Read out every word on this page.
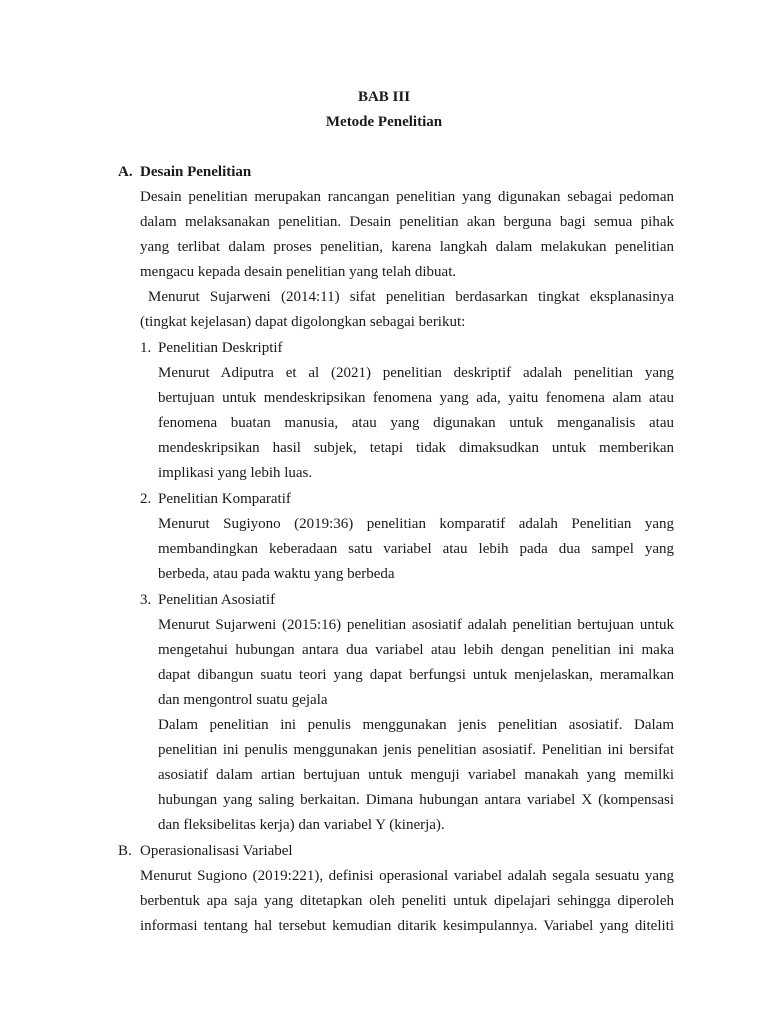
BAB III
Metode Penelitian
A. Desain Penelitian
Desain penelitian merupakan rancangan penelitian yang digunakan sebagai pedoman
dalam melaksanakan penelitian. Desain penelitian akan berguna bagi semua pihak
yang terlibat dalam proses penelitian, karena langkah dalam melakukan penelitian
mengacu kepada desain penelitian yang telah dibuat.
Menurut Sujarweni (2014:11) sifat penelitian berdasarkan tingkat eksplanasinya
(tingkat kejelasan) dapat digolongkan sebagai berikut:
1. Penelitian Deskriptif
Menurut Adiputra et al (2021) penelitian deskriptif adalah penelitian yang
bertujuan untuk mendeskripsikan fenomena yang ada, yaitu fenomena alam atau
fenomena buatan manusia, atau yang digunakan untuk menganalisis atau
mendeskripsikan hasil subjek, tetapi tidak dimaksudkan untuk memberikan
implikasi yang lebih luas.
2. Penelitian Komparatif
Menurut Sugiyono (2019:36) penelitian komparatif adalah Penelitian yang
membandingkan keberadaan satu variabel atau lebih pada dua sampel yang
berbeda, atau pada waktu yang berbeda
3. Penelitian Asosiatif
Menurut Sujarweni (2015:16) penelitian asosiatif adalah penelitian bertujuan untuk
mengetahui hubungan antara dua variabel atau lebih dengan penelitian ini maka
dapat dibangun suatu teori yang dapat berfungsi untuk menjelaskan, meramalkan
dan mengontrol suatu gejala
Dalam penelitian ini penulis menggunakan jenis penelitian asosiatif. Dalam
penelitian ini penulis menggunakan jenis penelitian asosiatif. Penelitian ini bersifat
asosiatif dalam artian bertujuan untuk menguji variabel manakah yang memilki
hubungan yang saling berkaitan. Dimana hubungan antara variabel X (kompensasi
dan fleksibelitas kerja) dan variabel Y (kinerja).
B. Operasionalisasi Variabel
Menurut Sugiono (2019:221), definisi operasional variabel adalah segala sesuatu yang
berbentuk apa saja yang ditetapkan oleh peneliti untuk dipelajari sehingga diperoleh
informasi tentang hal tersebut kemudian ditarik kesimpulannya. Variabel yang diteliti
